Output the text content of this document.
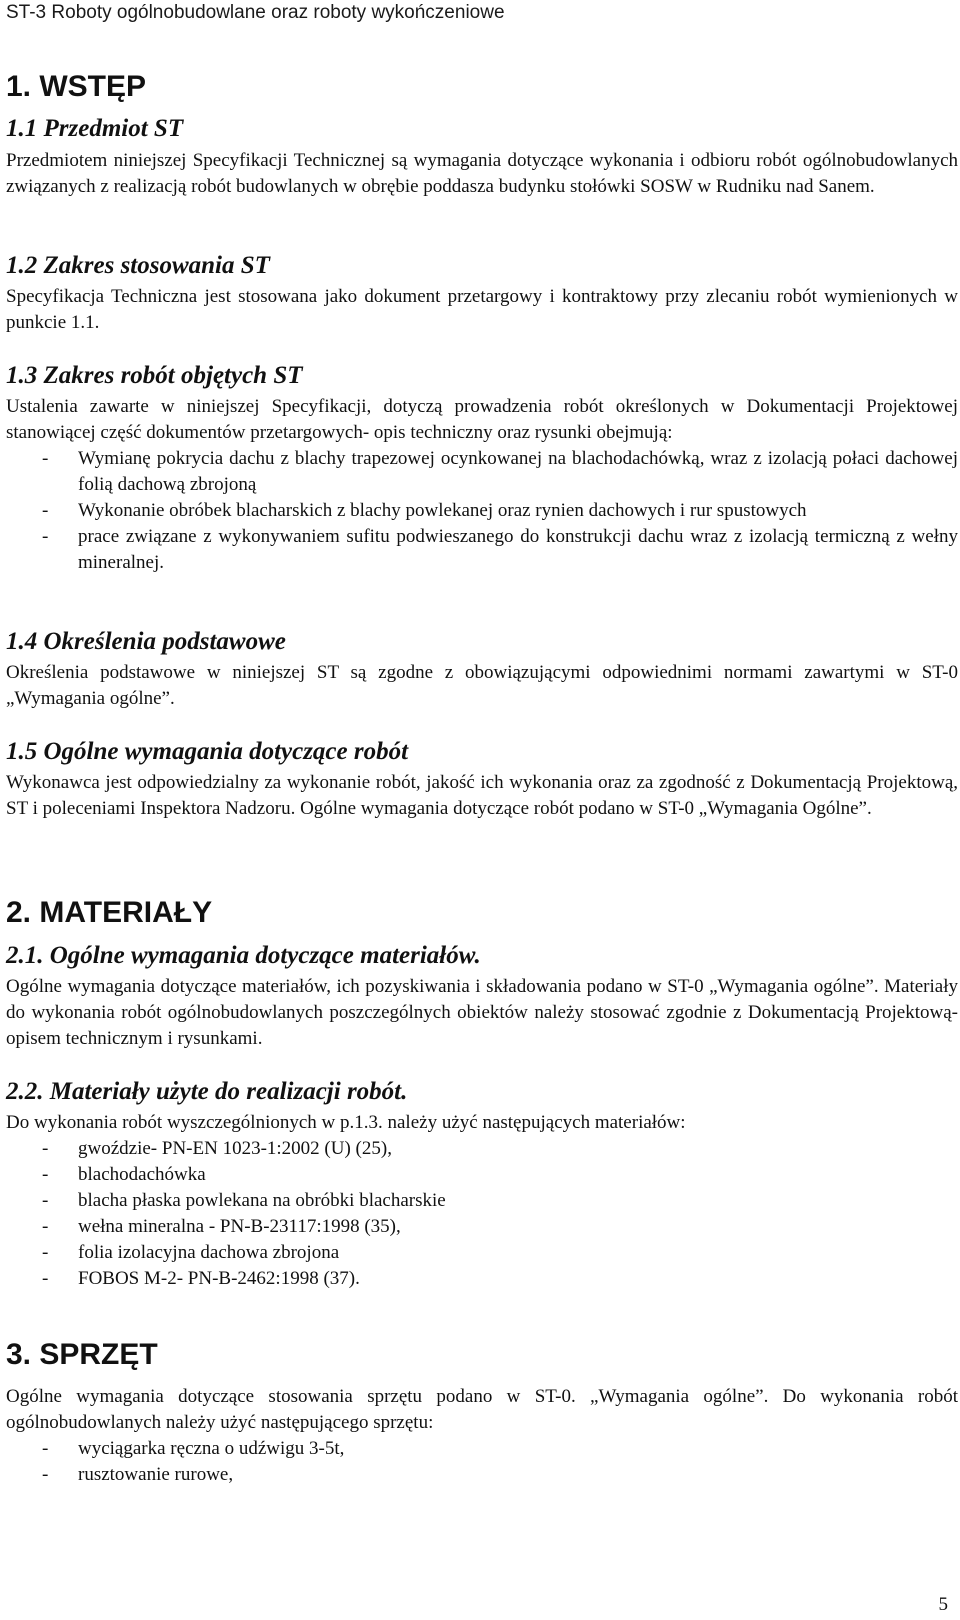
ST-3 Roboty ogólnobudowlane oraz roboty wykończeniowe
1. WSTĘP
1.1 Przedmiot ST
Przedmiotem niniejszej Specyfikacji Technicznej są wymagania dotyczące wykonania i odbioru robót ogólnobudowlanych związanych z realizacją robót budowlanych w obrębie poddasza budynku stołówki SOSW w Rudniku nad Sanem.
1.2 Zakres stosowania ST
Specyfikacja Techniczna jest stosowana jako dokument przetargowy i kontraktowy przy zlecaniu robót wymienionych w punkcie 1.1.
1.3 Zakres robót objętych ST
Ustalenia zawarte w niniejszej Specyfikacji, dotyczą prowadzenia robót określonych w Dokumentacji Projektowej stanowiącej część dokumentów przetargowych- opis techniczny oraz rysunki obejmują:
- Wymianę pokrycia dachu z blachy trapezowej ocynkowanej na blachodachówką, wraz z izolacją połaci dachowej folią dachową zbrojoną
- Wykonanie obróbek blacharskich z blachy powlekanej oraz rynien dachowych i rur spustowych
- prace związane z wykonywaniem sufitu podwieszanego do konstrukcji dachu wraz z izolacją termiczną z wełny mineralnej.
1.4 Określenia podstawowe
Określenia podstawowe w niniejszej ST są zgodne z obowiązującymi odpowiednimi normami zawartymi w ST-0 „Wymagania ogólne”.
1.5 Ogólne wymagania dotyczące robót
Wykonawca jest odpowiedzialny za wykonanie robót, jakość ich wykonania oraz za zgodność z Dokumentacją Projektową, ST i poleceniami Inspektora Nadzoru. Ogólne wymagania dotyczące robót podano w ST-0 „Wymagania Ogólne”.
2. MATERIAŁY
2.1. Ogólne wymagania dotyczące materiałów.
Ogólne wymagania dotyczące materiałów, ich pozyskiwania i składowania podano w ST-0 „Wymagania ogólne”. Materiały do wykonania robót ogólnobudowlanych poszczególnych obiektów należy stosować zgodnie z Dokumentacją Projektową- opisem technicznym i rysunkami.
2.2. Materiały użyte do realizacji robót.
Do wykonania robót wyszczególnionych w p.1.3. należy użyć następujących materiałów:
- gwoździe- PN-EN 1023-1:2002 (U) (25),
- blachodachówka
- blacha płaska powlekana na obróbki blacharskie
- wełna mineralna - PN-B-23117:1998 (35),
- folia izolacyjna dachowa zbrojona
- FOBOS M-2- PN-B-2462:1998 (37).
3. SPRZĘT
Ogólne wymagania dotyczące stosowania sprzętu podano w ST-0. „Wymagania ogólne”. Do wykonania robót ogólnobudowlanych należy użyć następującego sprzętu:
- wyciągarka ręczna o udźwigu 3-5t,
- rusztowanie rurowe,
5
